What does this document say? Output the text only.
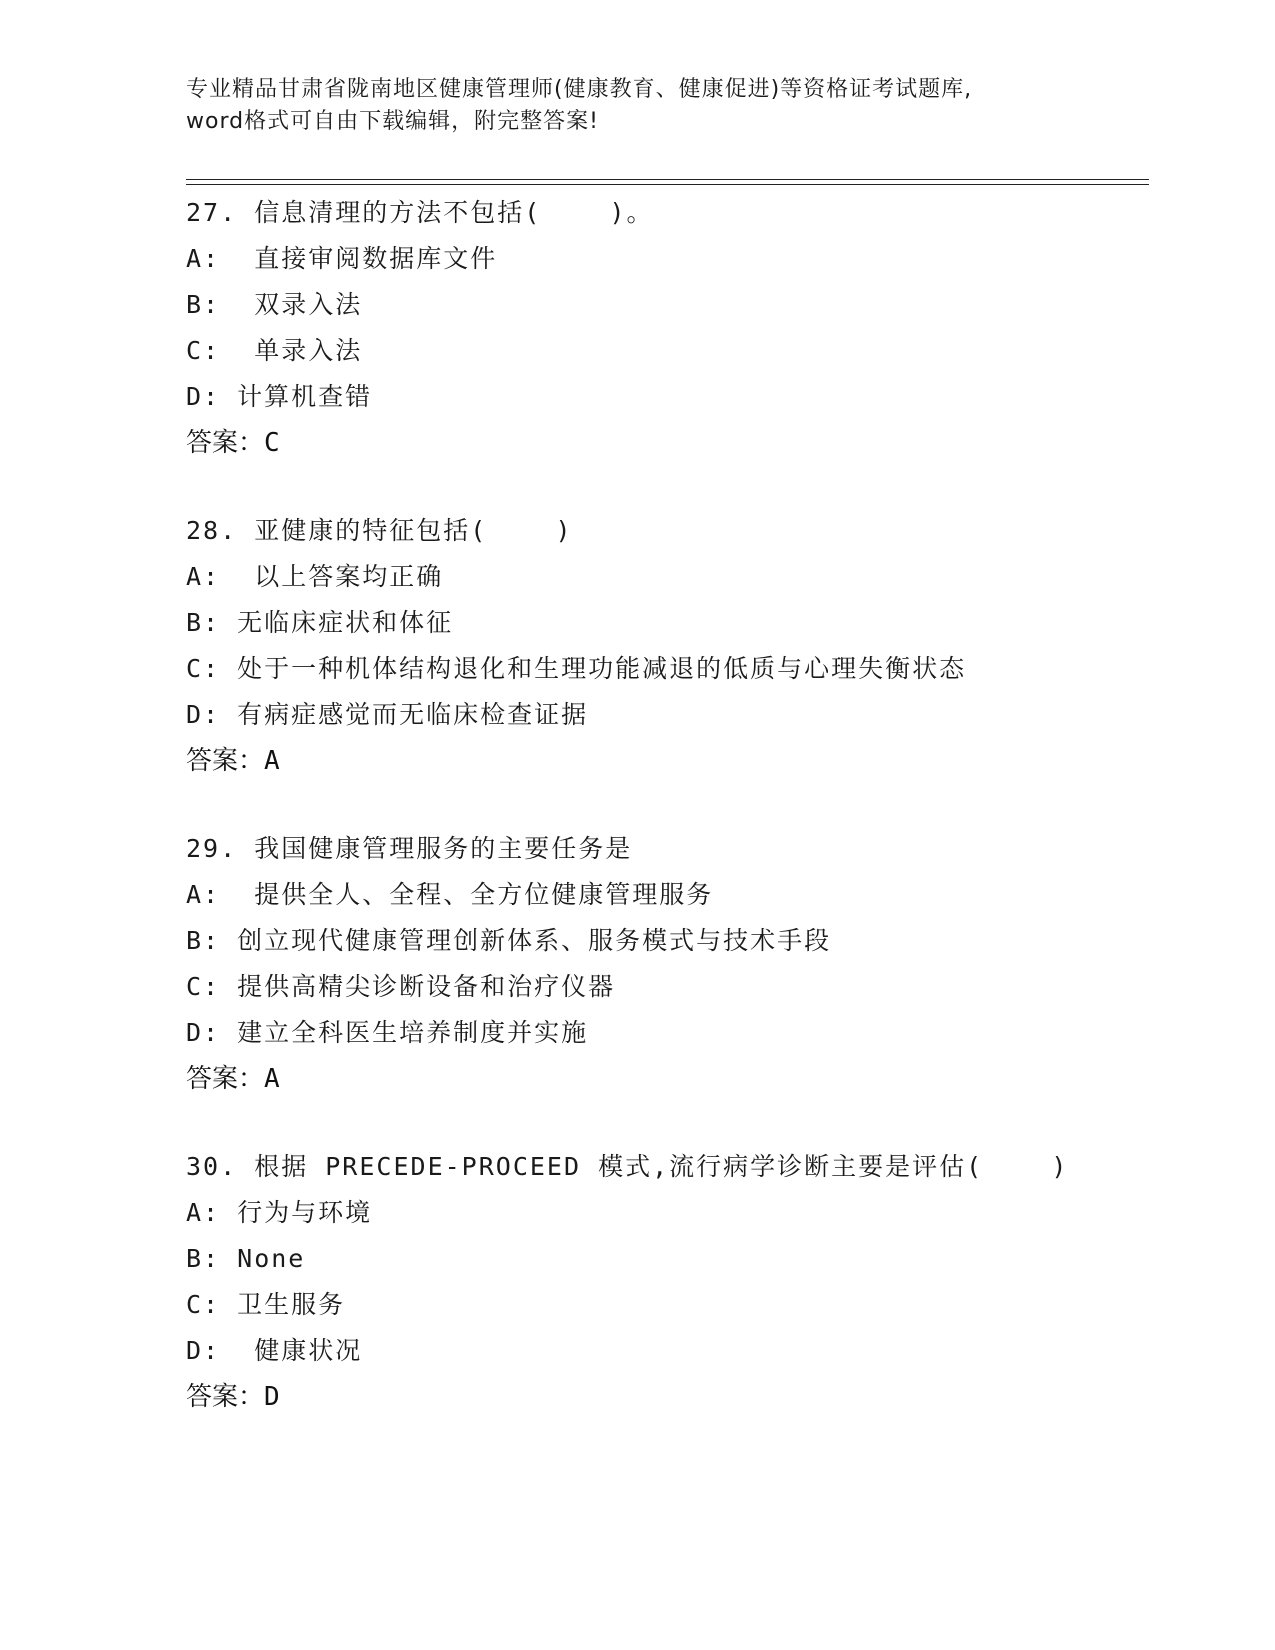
专业精品甘肃省陇南地区健康管理师(健康教育、健康促进)等资格证考试题库,
word格式可自由下载编辑，附完整答案!
27. 信息清理的方法不包括(    )。
A:  直接审阅数据库文件
B:  双录入法
C:  单录入法
D: 计算机查错
答案：C
28. 亚健康的特征包括(    )
A:  以上答案均正确
B: 无临床症状和体征
C: 处于一种机体结构退化和生理功能减退的低质与心理失衡状态
D: 有病症感觉而无临床检查证据
答案：A
29. 我国健康管理服务的主要任务是
A:  提供全人、全程、全方位健康管理服务
B: 创立现代健康管理创新体系、服务模式与技术手段
C: 提供高精尖诊断设备和治疗仪器
D: 建立全科医生培养制度并实施
答案：A
30. 根据 PRECEDE-PROCEED 模式,流行病学诊断主要是评估(    )
A: 行为与环境
B: None
C: 卫生服务
D:  健康状况
答案：D
